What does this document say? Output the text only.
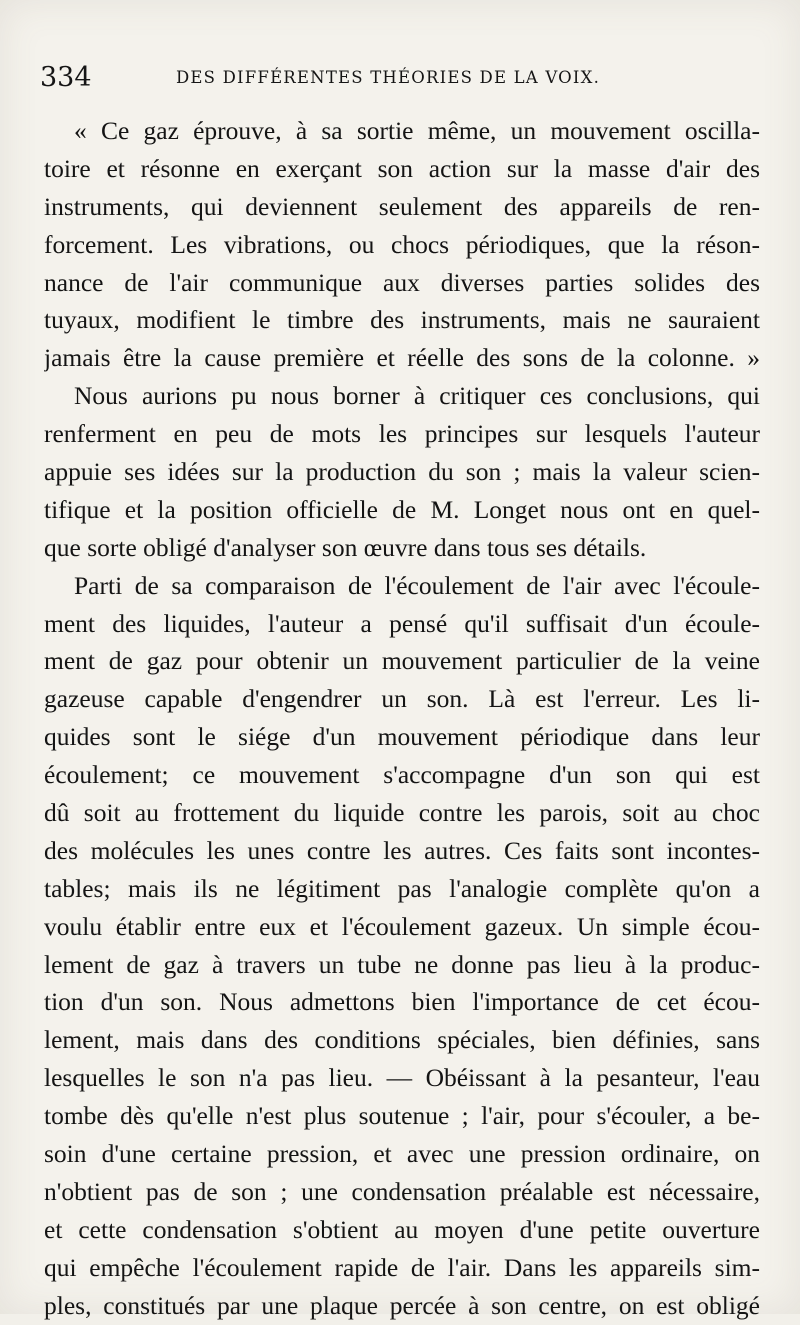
334	DES DIFFÉRENTES THÉORIES DE LA VOIX.
« Ce gaz éprouve, à sa sortie même, un mouvement oscilla-
toire et résonne en exerçant son action sur la masse d'air des
instruments, qui deviennent seulement des appareils de ren-
forcement. Les vibrations, ou chocs périodiques, que la réson-
nance de l'air communique aux diverses parties solides des
tuyaux, modifient le timbre des instruments, mais ne sauraient
jamais être la cause première et réelle des sons de la colonne. »
Nous aurions pu nous borner à critiquer ces conclusions, qui
renferment en peu de mots les principes sur lesquels l'auteur
appuie ses idées sur la production du son ; mais la valeur scien-
tifique et la position officielle de M. Longet nous ont en quel-
que sorte obligé d'analyser son œuvre dans tous ses détails.
Parti de sa comparaison de l'écoulement de l'air avec l'écoule-
ment des liquides, l'auteur a pensé qu'il suffisait d'un écoule-
ment de gaz pour obtenir un mouvement particulier de la veine
gazeuse capable d'engendrer un son. Là est l'erreur. Les li-
quides sont le siége d'un mouvement périodique dans leur
écoulement; ce mouvement s'accompagne d'un son qui est
dû soit au frottement du liquide contre les parois, soit au choc
des molécules les unes contre les autres. Ces faits sont incontes-
tables; mais ils ne légitiment pas l'analogie complète qu'on a
voulu établir entre eux et l'écoulement gazeux. Un simple écou-
lement de gaz à travers un tube ne donne pas lieu à la produc-
tion d'un son. Nous admettons bien l'importance de cet écou-
lement, mais dans des conditions spéciales, bien définies, sans
lesquelles le son n'a pas lieu. — Obéissant à la pesanteur, l'eau
tombe dès qu'elle n'est plus soutenue ; l'air, pour s'écouler, a be-
soin d'une certaine pression, et avec une pression ordinaire, on
n'obtient pas de son ; une condensation préalable est nécessaire,
et cette condensation s'obtient au moyen d'une petite ouverture
qui empêche l'écoulement rapide de l'air. Dans les appareils sim-
ples, constitués par une plaque percée à son centre, on est obligé
